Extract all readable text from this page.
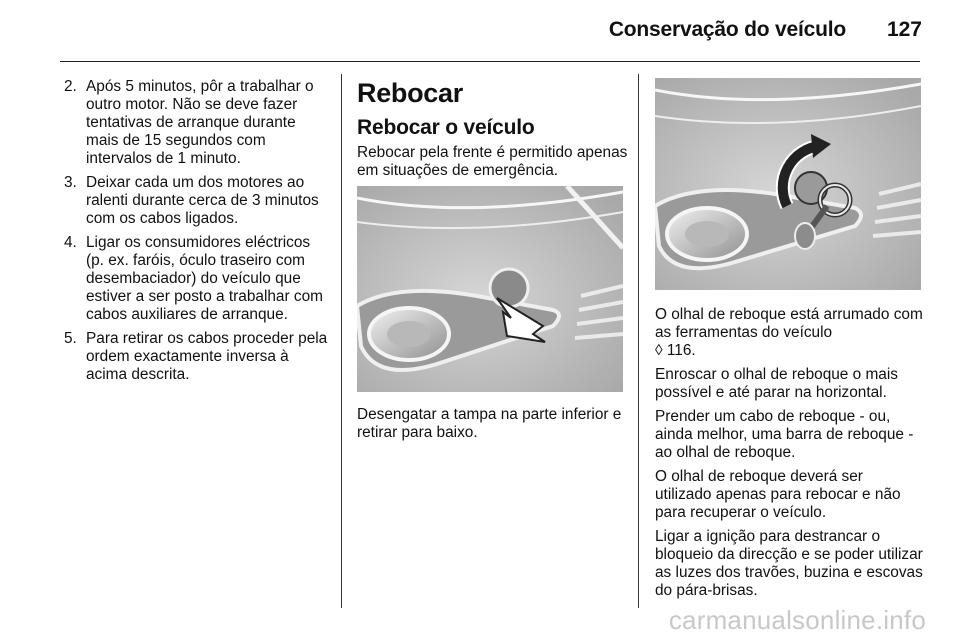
Conservação do veículo	127
2. Após 5 minutos, pôr a trabalhar o outro motor. Não se deve fazer tentativas de arranque durante mais de 15 segundos com intervalos de 1 minuto.
3. Deixar cada um dos motores ao ralenti durante cerca de 3 minutos com os cabos ligados.
4. Ligar os consumidores eléctricos (p. ex. faróis, óculo traseiro com desembaciador) do veículo que estiver a ser posto a trabalhar com cabos auxiliares de arranque.
5. Para retirar os cabos proceder pela ordem exactamente inversa à acima descrita.
Rebocar
Rebocar o veículo

Rebocar pela frente é permitido apenas em situações de emergência.

Desengatar a tampa na parte inferior e retirar para baixo.

O olhal de reboque está arrumado com as ferramentas do veículo
◊ 116.

Enroscar o olhal de reboque o mais possível e até parar na horizontal.

Prender um cabo de reboque - ou, ainda melhor, uma barra de reboque - ao olhal de reboque.

O olhal de reboque deverá ser utilizado apenas para rebocar e não para recuperar o veículo.

Ligar a ignição para destrancar o bloqueio da direcção e se poder utilizar as luzes dos travões, buzina e escovas do pára-brisas.

carmanualsonline.info
